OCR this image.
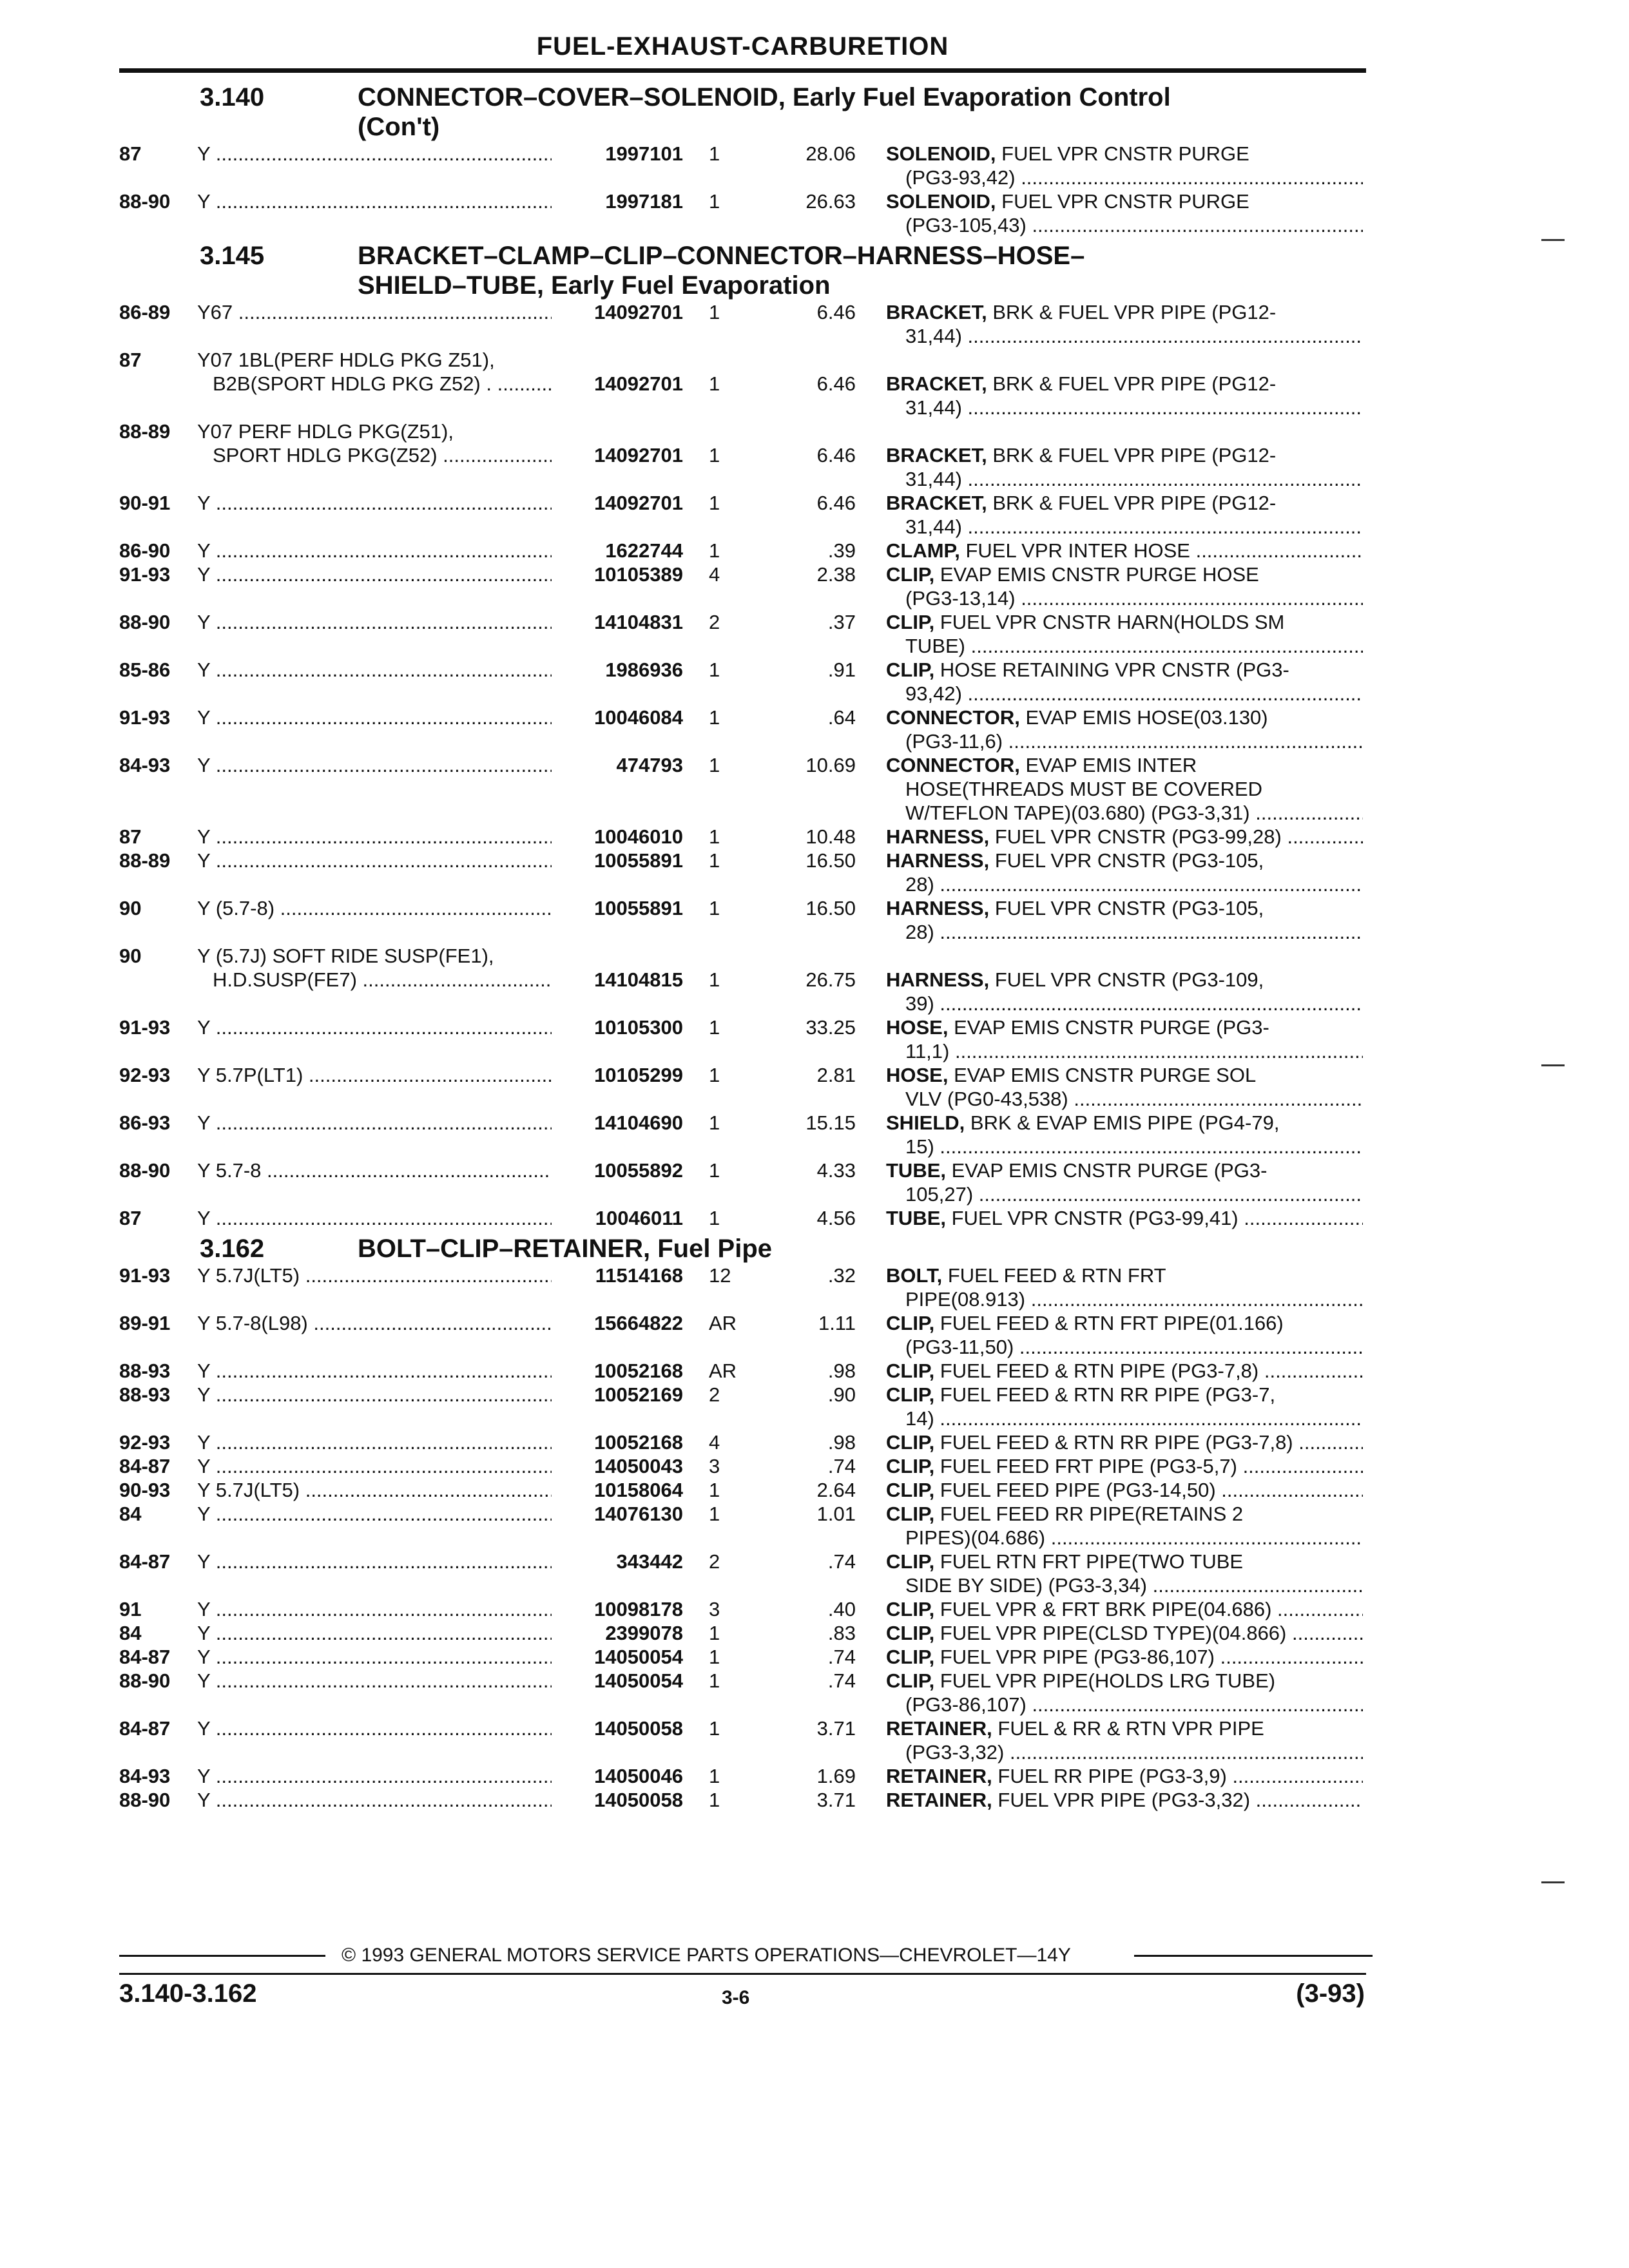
FUEL-EXHAUST-CARBURETION
3.140	CONNECTOR–COVER–SOLENOID, Early Fuel Evaporation Control
(Con't)
87	Y .....	1997101 1	28.06 SOLENOID, FUEL VPR CNSTR PURGE
(PG3-93,42) .....
88-90 Y .....	1997181 1	26.63 SOLENOID, FUEL VPR CNSTR PURGE
(PG3-105,43) .....
3.145	BRACKET–CLAMP–CLIP–CONNECTOR–HARNESS–HOSE–
SHIELD–TUBE, Early Fuel Evaporation
86-89 Y67 .....	14092701 1	6.46 BRACKET, BRK & FUEL VPR PIPE (PG12-
31,44) .....
87	Y07 1BL(PERF HDLG PKG Z51),
B2B(SPORT HDLG PKG Z52) . .....	14092701 1	6.46 BRACKET, BRK & FUEL VPR PIPE (PG12-
31,44) .....
88-89 Y07 PERF HDLG PKG(Z51),
SPORT HDLG PKG(Z52) .....	14092701 1	6.46 BRACKET, BRK & FUEL VPR PIPE (PG12-
31,44) .....
90-91 Y .....	14092701 1	6.46 BRACKET, BRK & FUEL VPR PIPE (PG12-
31,44) .....
86-90 Y .....	1622744 1	.39 CLAMP, FUEL VPR INTER HOSE .....
91-93 Y .....	10105389 4	2.38 CLIP, EVAP EMIS CNSTR PURGE HOSE
(PG3-13,14) .....
88-90 Y .....	14104831 2	.37 CLIP, FUEL VPR CNSTR HARN(HOLDS SM
TUBE) .....
85-86 Y .....	1986936 1	.91 CLIP, HOSE RETAINING VPR CNSTR (PG3-
93,42) .....
91-93 Y .....	10046084 1	.64 CONNECTOR, EVAP EMIS HOSE(03.130)
(PG3-11,6) .....
84-93 Y .....	474793 1	10.69 CONNECTOR, EVAP EMIS INTER
HOSE(THREADS MUST BE COVERED
W/TEFLON TAPE)(03.680) (PG3-3,31) .....
87	Y .....	10046010 1	10.48 HARNESS, FUEL VPR CNSTR (PG3-99,28) .....
88-89 Y .....	10055891 1	16.50 HARNESS, FUEL VPR CNSTR (PG3-105,
28) .....
90	Y (5.7-8) .....	10055891 1	16.50 HARNESS, FUEL VPR CNSTR (PG3-105,
28) .....
90	Y (5.7J) SOFT RIDE SUSP(FE1),
H.D.SUSP(FE7) .....	14104815 1	26.75 HARNESS, FUEL VPR CNSTR (PG3-109,
39) .....
91-93 Y .....	10105300 1	33.25 HOSE, EVAP EMIS CNSTR PURGE (PG3-
11,1) .....
92-93 Y 5.7P(LT1) .....	10105299 1	2.81 HOSE, EVAP EMIS CNSTR PURGE SOL
VLV (PG0-43,538) .....
86-93 Y .....	14104690 1	15.15 SHIELD, BRK & EVAP EMIS PIPE (PG4-79,
15) .....
88-90 Y 5.7-8 .....	10055892 1	4.33 TUBE, EVAP EMIS CNSTR PURGE (PG3-
105,27) .....
87	Y .....	10046011 1	4.56 TUBE, FUEL VPR CNSTR (PG3-99,41) .....
3.162	BOLT–CLIP–RETAINER, Fuel Pipe
91-93 Y 5.7J(LT5) .....	11514168 12	.32 BOLT, FUEL FEED & RTN FRT
PIPE(08.913) .....
89-91 Y 5.7-8(L98) .....	15664822 AR	1.11 CLIP, FUEL FEED & RTN FRT PIPE(01.166)
(PG3-11,50) .....
88-93 Y .....	10052168 AR	.98 CLIP, FUEL FEED & RTN PIPE (PG3-7,8) .....
88-93 Y .....	10052169 2	.90 CLIP, FUEL FEED & RTN RR PIPE (PG3-7,
14) .....
92-93 Y .....	10052168 4	.98 CLIP, FUEL FEED & RTN RR PIPE (PG3-7,8) .....
84-87 Y .....	14050043 3	.74 CLIP, FUEL FEED FRT PIPE (PG3-5,7) .....
90-93 Y 5.7J(LT5) .....	10158064 1	2.64 CLIP, FUEL FEED PIPE (PG3-14,50) .....
84	Y .....	14076130 1	1.01 CLIP, FUEL FEED RR PIPE(RETAINS 2
PIPES)(04.686) .....
84-87 Y .....	343442 2	.74 CLIP, FUEL RTN FRT PIPE(TWO TUBE
SIDE BY SIDE) (PG3-3,34) .....
91	Y .....	10098178 3	.40 CLIP, FUEL VPR & FRT BRK PIPE(04.686) .....
84	Y .....	2399078 1	.83 CLIP, FUEL VPR PIPE(CLSD TYPE)(04.866) .....
84-87 Y .....	14050054 1	.74 CLIP, FUEL VPR PIPE (PG3-86,107) .....
88-90 Y .....	14050054 1	.74 CLIP, FUEL VPR PIPE(HOLDS LRG TUBE)
(PG3-86,107) .....
84-87 Y .....	14050058 1	3.71 RETAINER, FUEL & RR & RTN VPR PIPE
(PG3-3,32) .....
84-93 Y .....	14050046 1	1.69 RETAINER, FUEL RR PIPE (PG3-3,9) .....
88-90 Y .....	14050058 1	3.71 RETAINER, FUEL VPR PIPE (PG3-3,32) .....
© 1993 GENERAL MOTORS SERVICE PARTS OPERATIONS—CHEVROLET—14Y
3.140-3.162	3-6	(3-93)
